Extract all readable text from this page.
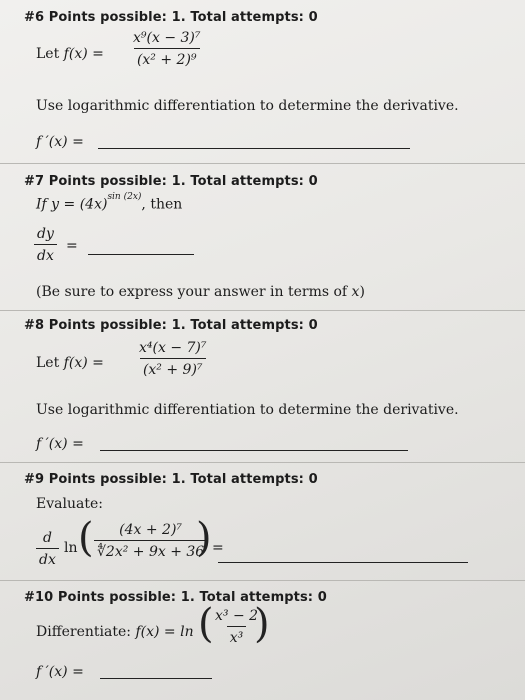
#6 Points possible: 1. Total attempts: 0
Let $f(x) = \frac{\text{x⁹(x − 3)⁷}}{\text{(x² + 2)⁹}}$
Use logarithmic differentiation to determine the derivative.
f ′(x) =
#7 Points possible: 1. Total attempts: 0
If $y = (4x)^{sin (2x)}$, then
$\frac{dy}{dx}$ =
(Be sure to express your answer in terms of x)
#8 Points possible: 1. Total attempts: 0
Let $f(x) = \frac{\text{x⁴(x − 7)⁷}}{\text{(x² + 9)⁷}}$
Use logarithmic differentiation to determine the derivative.
f ′(x) =
#9 Points possible: 1. Total attempts: 0
Evaluate:
$\frac{d}{dx}$ ln ( $\frac{\text{(4x + 2)⁷}}{\text{∜2x² + 9x + 36}}$
) =
#10 Points possible: 1. Total attempts: 0
Differentiate: f(x) = ln (
$\frac{\text{x³ − 2}}{\text{x³}}$
)
f ′(x) =
